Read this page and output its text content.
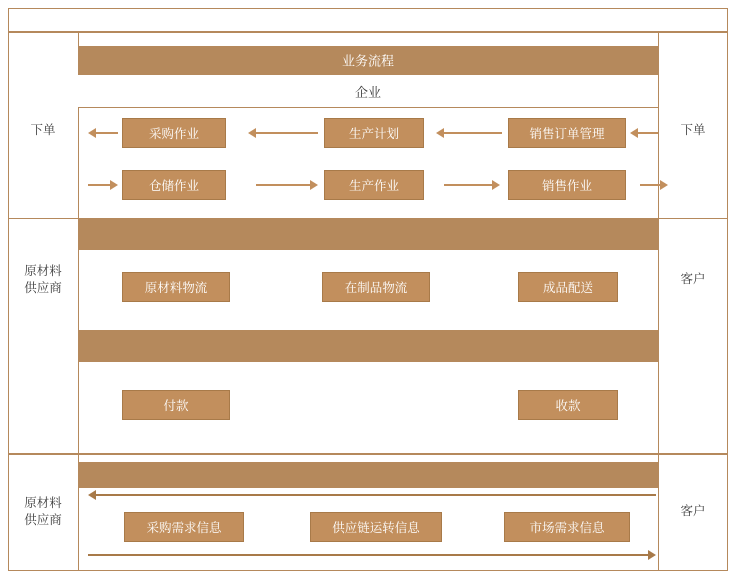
业务流程
企业
采购作业	生产计划	销售订单管理
仓储作业	生产作业	销售作业
原材料物流	在制品物流	成品配送
付款	收款
采购需求信息	供应链运转信息	市场需求信息
下单
原材料
供应商
原材料
供应商
下单
客户
客户
